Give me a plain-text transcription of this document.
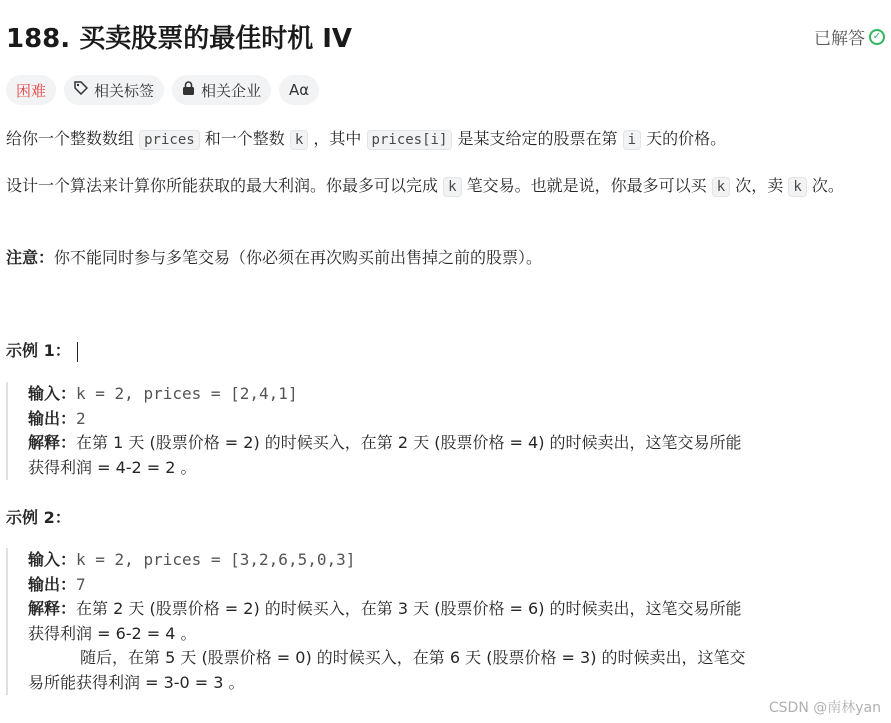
188. 买卖股票的最佳时机 IV	已解答 ✓
困难	相关标签	相关企业 Aα
给你一个整数数组 prices 和一个整数 k ，其中 prices[i] 是某支给定的股票在第 i 天的价格。
设计一个算法来计算你所能获取的最大利润。你最多可以完成 k 笔交易。也就是说，你最多可以买 k 次，卖 k 次。
注意：你不能同时参与多笔交易（你必须在再次购买前出售掉之前的股票）。
示例 1：
输入：k = 2, prices = [2,4,1]
输出：2
解释：在第 1 天 (股票价格 = 2) 的时候买入，在第 2 天 (股票价格 = 4) 的时候卖出，这笔交易所能
获得利润 = 4-2 = 2 。
示例 2：
输入：k = 2, prices = [3,2,6,5,0,3]
输出：7
解释：在第 2 天 (股票价格 = 2) 的时候买入，在第 3 天 (股票价格 = 6) 的时候卖出，这笔交易所能
获得利润 = 6-2 = 4 。
随后，在第 5 天 (股票价格 = 0) 的时候买入，在第 6 天 (股票价格 = 3) 的时候卖出，这笔交
易所能获得利润 = 3-0 = 3 。
CSDN @南林yan
